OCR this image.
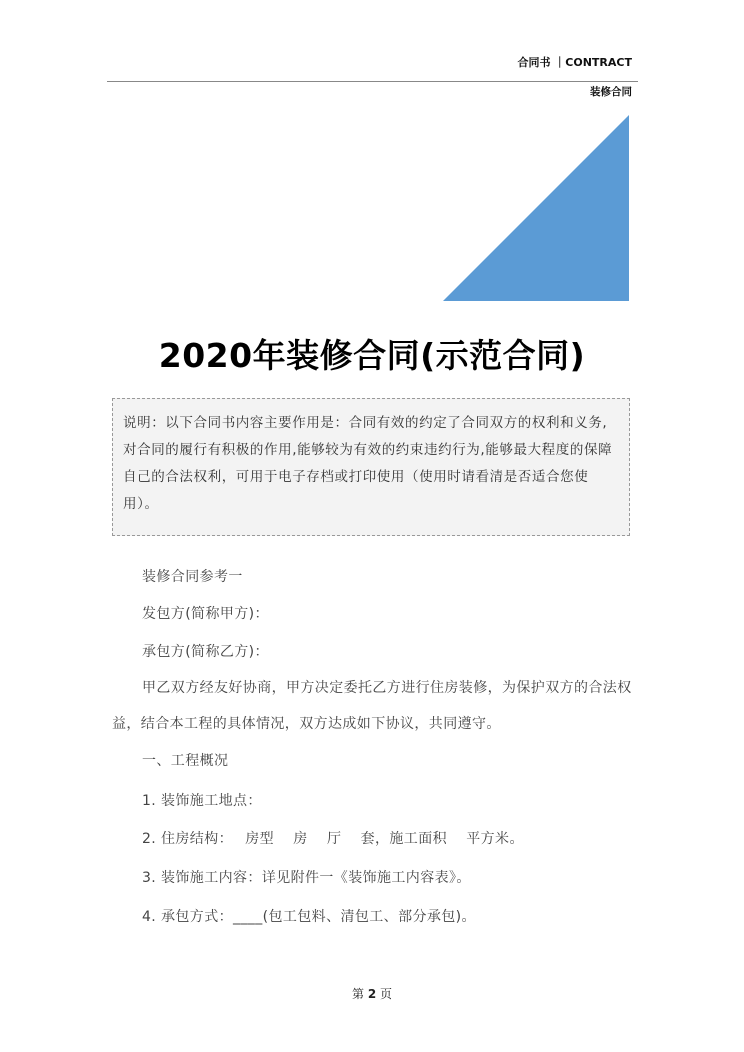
合同书 ｜CONTRACT
装修合同
2020年装修合同(示范合同)
说明：以下合同书内容主要作用是：合同有效的约定了合同双方的权利和义务,对合同的履行有积极的作用,能够较为有效的约束违约行为,能够最大程度的保障自己的合法权利，可用于电子存档或打印使用（使用时请看清是否适合您使用）。
装修合同参考一
发包方(简称甲方)：
承包方(简称乙方)：
甲乙双方经友好协商，甲方决定委托乙方进行住房装修，为保护双方的合法权益，结合本工程的具体情况，双方达成如下协议，共同遵守。
一、工程概况
1. 装饰施工地点：
2. 住房结构：　 房型　 房　 厅　 套，施工面积　 平方米。
3. 装饰施工内容：详见附件一《装饰施工内容表》。
4. 承包方式：____(包工包料、清包工、部分承包)。
第 2 页
